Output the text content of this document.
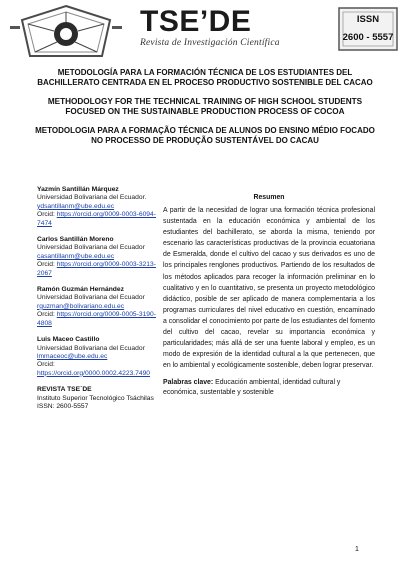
TSE’DE
Revista de Investigación Científica
ISSN
2600 - 5557

METODOLOGÍA PARA LA FORMACIÓN TÉCNICA DE LOS ESTUDIANTES DEL BACHILLERATO CENTRADA EN EL PROCESO PRODUCTIVO SOSTENIBLE DEL CACAO

METHODOLOGY FOR THE TECHNICAL TRAINING OF HIGH SCHOOL STUDENTS FOCUSED ON THE SUSTAINABLE PRODUCTION PROCESS OF COCOA

METODOLOGIA PARA A FORMAÇÃO TÉCNICA DE ALUNOS DO ENSINO MÉDIO FOCADO NO PROCESSO DE PRODUÇÃO SUSTENTÁVEL DO CACAU

Yazmín Santillán Márquez
Universidad Bolivariana del Ecuador.
ydsantillanm@ube.edu.ec
Orcid: https://orcid.org/0009-0003-6094-7474
Carlos Santillán Moreno
Universidad Bolivariana del Ecuador
casantillanm@ube.edu.ec
Orcid: https://orcid.org/0009-0003-3213-2067
Ramón Guzmán Hernández
Universidad Bolivariana del Ecuador
rguzman@bolivariano.edu.ec
Orcid: https://orcid.org/0009-0005-3190-4808
Luis Maceo Castillo
Universidad Bolivariana del Ecuador
lmmaceoc@ube.edu.ec
Orcid:
https://orcid.org/0000.0002.4223.7490
REVISTA TSE´DE
Instituto Superior Tecnológico Tsáchilas
ISSN: 2600-5557
Resumen
A partir de la necesidad de lograr una formación técnica profesional sustentada en la educación económica y ambiental de los estudiantes del bachillerato, se aborda la misma, teniendo por escenario las características productivas de la provincia ecuatoriana de Esmeralda, donde el cultivo del cacao y sus derivados es uno de los principales renglones productivos. Partiendo de los resultados de los métodos aplicados para recoger la información preliminar en lo cualitativo y en lo cuantitativo, se presenta un proyecto metodológico didáctico, posible de ser aplicado de manera complementaria a los programas curriculares del nivel educativo en cuestión, encaminado a consolidar el conocimiento por parte de los estudiantes del fomento del cultivo del cacao, revelar su importancia económica y particularidades; más allá de ser una fuente laboral y empleo, es un modo de expresión de la identidad cultural a la que pertenecen, que en lo ambiental y ecológicamente sostenible, deben lograr preservar.
Palabras clave: Educación ambiental, identidad cultural y económica, sustentable y sostenible
1
